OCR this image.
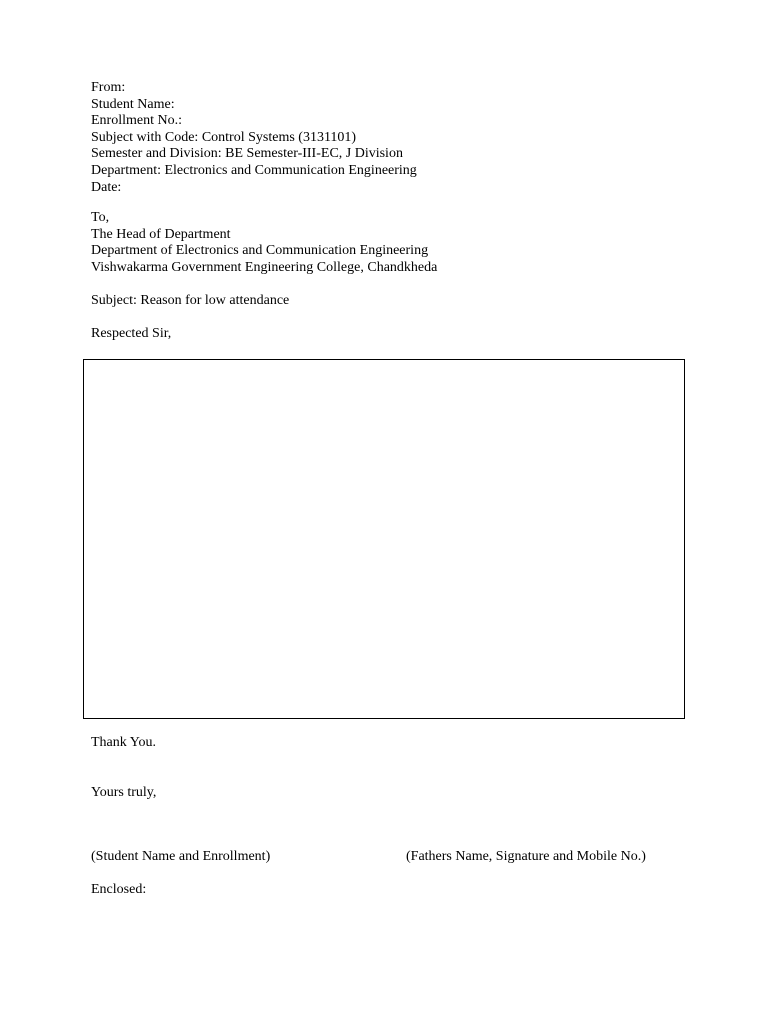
From:
Student Name:
Enrollment No.:
Subject with Code: Control Systems (3131101)
Semester and Division: BE Semester-III-EC, J Division
Department: Electronics and Communication Engineering
Date:
To,
The Head of Department
Department of Electronics and Communication Engineering
Vishwakarma Government Engineering College, Chandkheda
Subject: Reason for low attendance
Respected Sir,
Thank You.
Yours truly,
(Student Name and Enrollment)	(Fathers Name, Signature and Mobile No.)
Enclosed:
